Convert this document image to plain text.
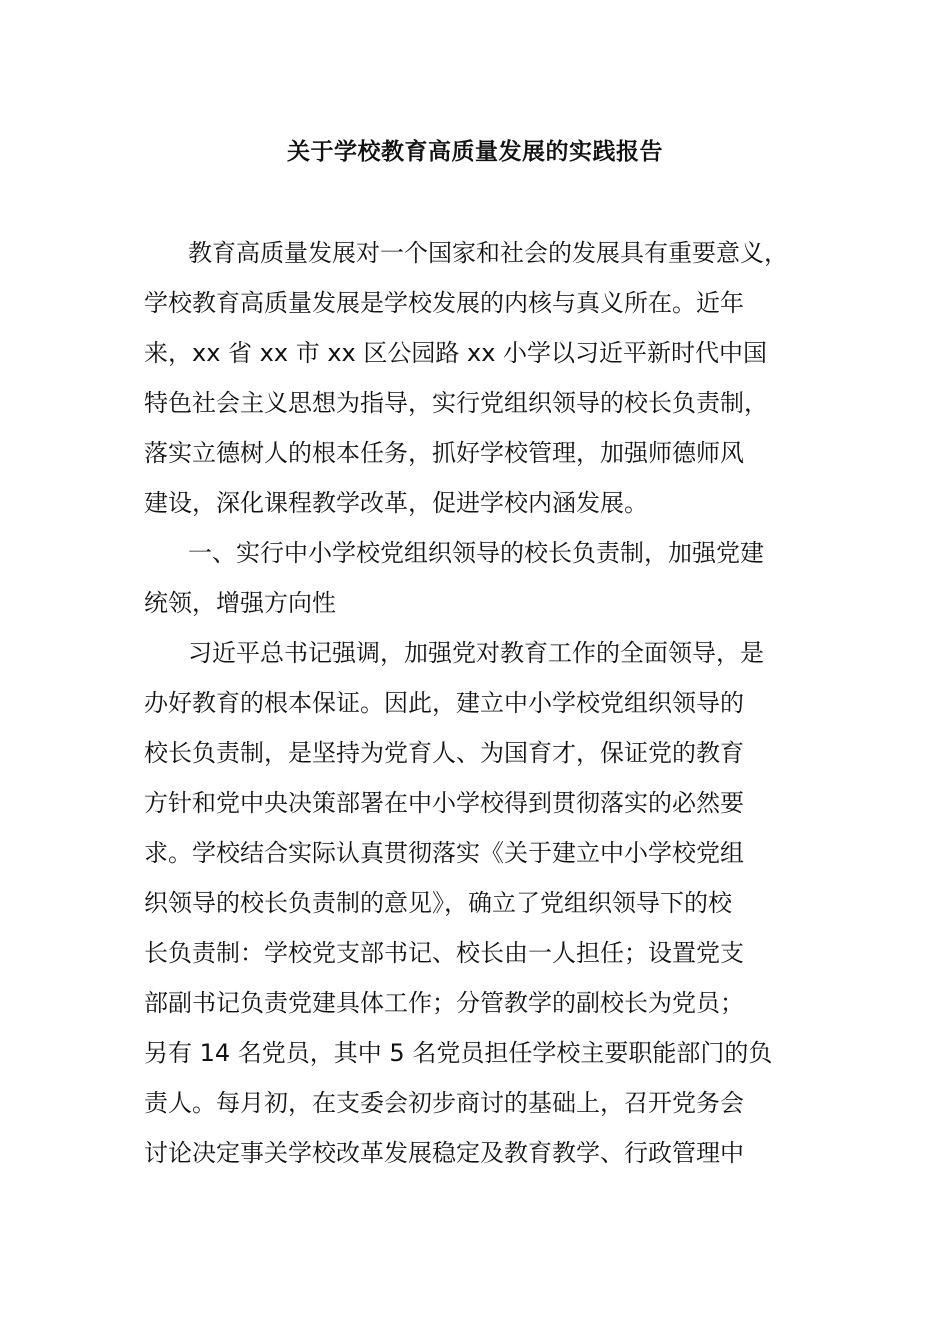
关于学校教育高质量发展的实践报告
教育高质量发展对一个国家和社会的发展具有重要意义，
学校教育高质量发展是学校发展的内核与真义所在。近年
来，xx 省 xx 市 xx 区公园路 xx 小学以习近平新时代中国
特色社会主义思想为指导，实行党组织领导的校长负责制，
落实立德树人的根本任务，抓好学校管理，加强师德师风
建设，深化课程教学改革，促进学校内涵发展。
一、实行中小学校党组织领导的校长负责制，加强党建
统领，增强方向性
习近平总书记强调，加强党对教育工作的全面领导，是
办好教育的根本保证。因此，建立中小学校党组织领导的
校长负责制，是坚持为党育人、为国育才，保证党的教育
方针和党中央决策部署在中小学校得到贯彻落实的必然要
求。学校结合实际认真贯彻落实《关于建立中小学校党组
织领导的校长负责制的意见》，确立了党组织领导下的校
长负责制：学校党支部书记、校长由一人担任；设置党支
部副书记负责党建具体工作；分管教学的副校长为党员；
另有 14 名党员，其中 5 名党员担任学校主要职能部门的负
责人。每月初，在支委会初步商讨的基础上，召开党务会
讨论决定事关学校改革发展稳定及教育教学、行政管理中
